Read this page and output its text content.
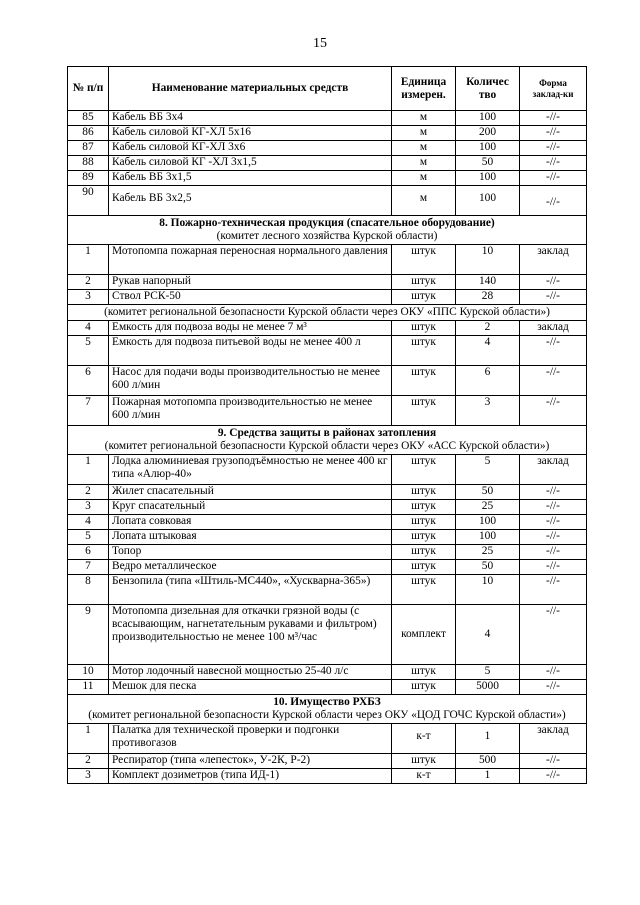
15
№ п/п	Наименование материальных средств	Единица измерен.	Количес тво	Форма заклад-ки
85	Кабель ВБ 3х4	м	100	-//-
86	Кабель силовой КГ-ХЛ 5х16	м	200	-//-
87	Кабель силовой КГ-ХЛ 3х6	м	100	-//-
88	Кабель силовой КГ -ХЛ 3х1,5	м	50	-//-
89	Кабель ВБ 3х1,5	м	100	-//-
90	Кабель ВБ 3х2,5	м	100	-//-

8. Пожарно-техническая продукция (спасательное оборудование)
(комитет лесного хозяйства Курской области)				

1	Мотопомпа пожарная переносная нормального давления	штук	10	заклад
2	Рукав напорный	штук	140	-//-
3	Ствол РСК-50	штук	28	-//-
(комитет региональной безопасности Курской области через ОКУ «ППС Курской области»)				
4	Емкость для подвоза воды не менее 7 м³	штук	2	заклад
5	Емкость для подвоза питьевой воды не менее 400 л	штук	4	-//-
6	Насос для подачи воды производительностью не менее 600 л/мин	штук	6	-//-
7	Пожарная мотопомпа производительностью не менее 600 л/мин	штук	3	-//-

9. Средства защиты в районах затопления
(комитет региональной безопасности Курской области через ОКУ «АСС Курской области»)				

1	Лодка алюминиевая грузоподъёмностью не менее 400 кг типа «Алюр-40»	штук	5	заклад
2	Жилет спасательный	штук	50	-//-
3	Круг спасательный	штук	25	-//-
4	Лопата совковая	штук	100	-//-
5	Лопата штыковая	штук	100	-//-
6	Топор	штук	25	-//-
7	Ведро металлическое	штук	50	-//-
8	Бензопила (типа «Штиль-МС440», «Хускварна-365»)	штук	10	-//-
9	Мотопомпа дизельная для откачки грязной воды (с всасывающим, нагнетательным рукавами и фильтром) производительностью не менее 100 м³/час	комплект	4	-//-
10	Мотор лодочный навесной мощностью 25-40 л/с	штук	5	-//-
11	Мешок для песка	штук	5000	-//-

10. Имущество РХБЗ
(комитет региональной безопасности Курской области через ОКУ «ЦОД ГОЧС Курской области»)				

1	Палатка для технической проверки и подгонки противогазов	к-т	1	заклад
2	Респиратор (типа «лепесток», У-2К, Р-2)	штук	500	-//-
3	Комплект дозиметров (типа ИД-1)	к-т	1	-//-
